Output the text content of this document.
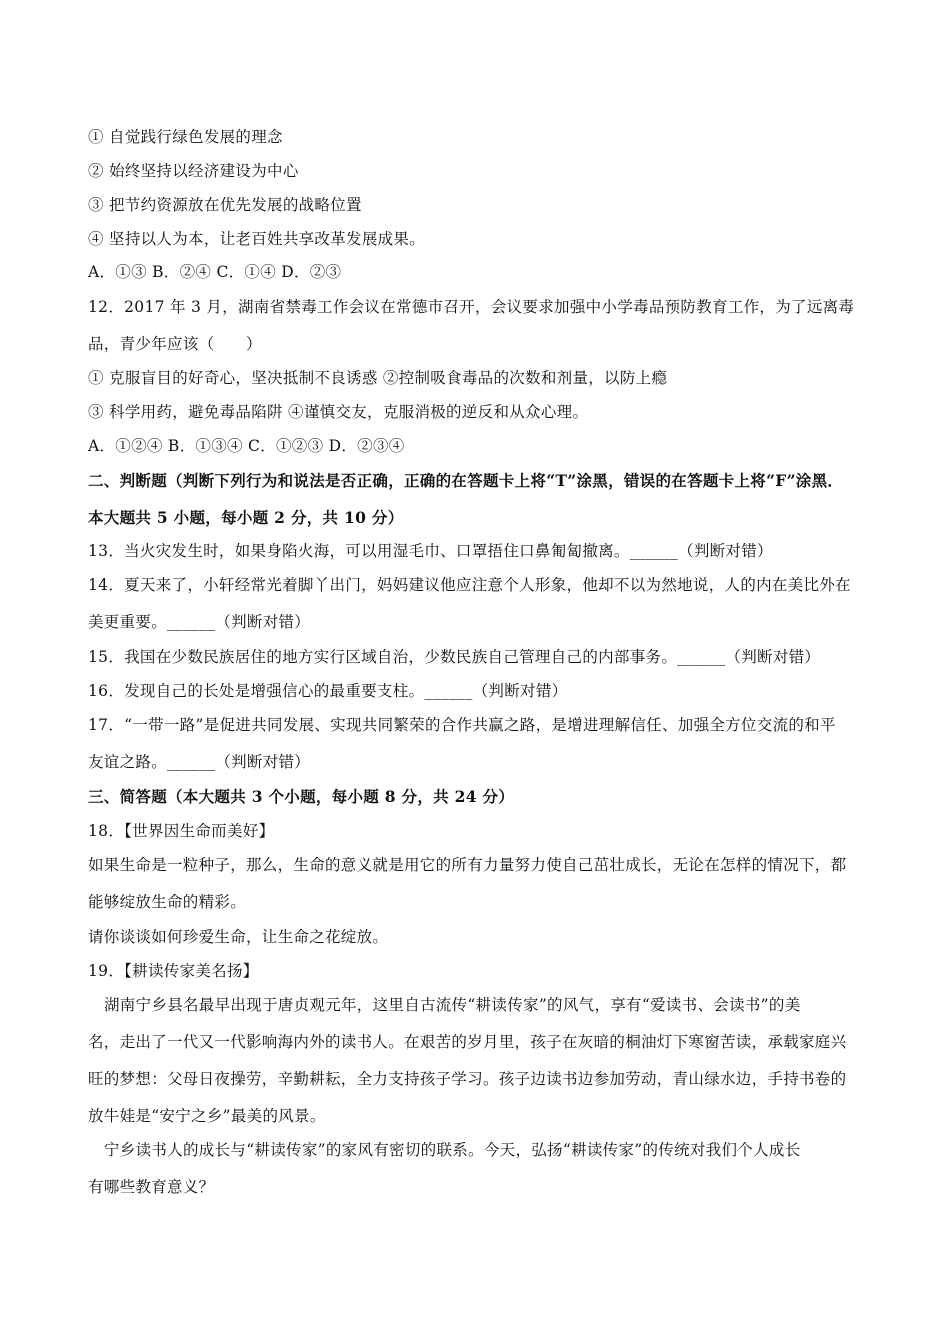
① 自觉践行绿色发展的理念
② 始终坚持以经济建设为中心
③ 把节约资源放在优先发展的战略位置
④ 坚持以人为本，让老百姓共享改革发展成果。
A．①③ B．②④ C．①④ D．②③
12．2017 年 3 月，湖南省禁毒工作会议在常德市召开，会议要求加强中小学毒品预防教育工作，为了远离毒
品，青少年应该（　　）
① 克服盲目的好奇心，坚决抵制不良诱惑 ②控制吸食毒品的次数和剂量，以防上瘾
③ 科学用药，避免毒品陷阱 ④谨慎交友，克服消极的逆反和从众心理。
A．①②④ B．①③④ C．①②③ D．②③④
二、判断题（判断下列行为和说法是否正确，正确的在答题卡上将“T”涂黑，错误的在答题卡上将“F”涂黑．
本大题共 5 小题，每小题 2 分，共 10 分）
13．当火灾发生时，如果身陷火海，可以用湿毛巾、口罩捂住口鼻匍匐撤离。______（判断对错）
14．夏天来了，小轩经常光着脚丫出门，妈妈建议他应注意个人形象，他却不以为然地说，人的内在美比外在
美更重要。______（判断对错）
15．我国在少数民族居住的地方实行区域自治，少数民族自己管理自己的内部事务。______（判断对错）
16．发现自己的长处是增强信心的最重要支柱。______（判断对错）
17．“一带一路”是促进共同发展、实现共同繁荣的合作共赢之路，是增进理解信任、加强全方位交流的和平
友谊之路。______（判断对错）
三、简答题（本大题共 3 个小题，每小题 8 分，共 24 分）
18．【世界因生命而美好】
如果生命是一粒种子，那么，生命的意义就是用它的所有力量努力使自己茁壮成长，无论在怎样的情况下，都
能够绽放生命的精彩。
请你谈谈如何珍爱生命，让生命之花绽放。
19．【耕读传家美名扬】
湖南宁乡县名最早出现于唐贞观元年，这里自古流传“耕读传家”的风气，享有“爱读书、会读书”的美
名，走出了一代又一代影响海内外的读书人。在艰苦的岁月里，孩子在灰暗的桐油灯下寒窗苦读，承载家庭兴
旺的梦想：父母日夜操劳，辛勤耕耘，全力支持孩子学习。孩子边读书边参加劳动，青山绿水边，手持书卷的
放牛娃是“安宁之乡”最美的风景。
宁乡读书人的成长与“耕读传家”的家风有密切的联系。今天，弘扬“耕读传家”的传统对我们个人成长
有哪些教育意义？
